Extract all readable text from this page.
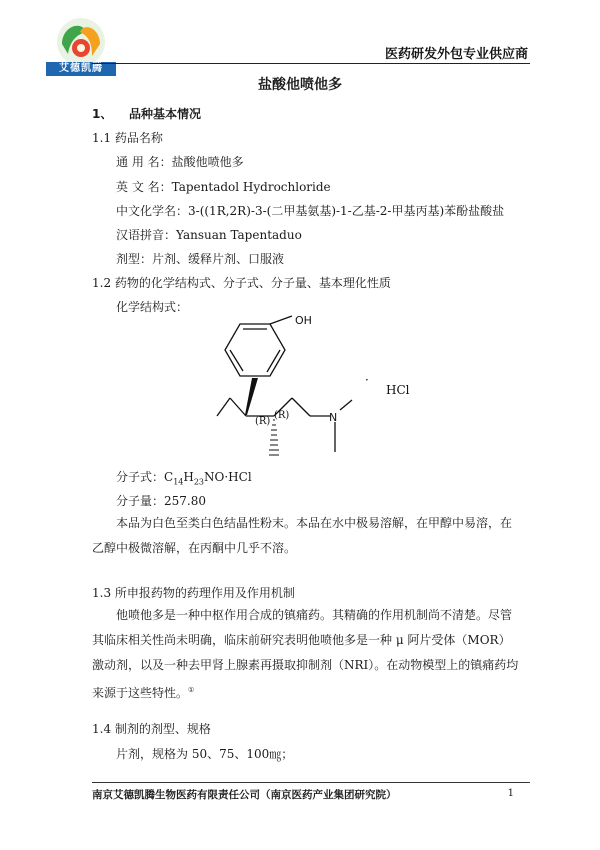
艾德凯腾
医药研发外包专业供应商
盐酸他喷他多
1、 品种基本情况
1.1 药品名称
通 用 名：盐酸他喷他多
英 文 名：Tapentadol Hydrochloride
中文化学名：3-((1R,2R)-3-(二甲基氨基)-1-乙基-2-甲基丙基)苯酚盐酸盐
汉语拼音：Yansuan Tapentaduo
剂型：片剂、缓释片剂、口服液
1.2 药物的化学结构式、分子式、分子量、基本理化性质
化学结构式：
OH
(R)
(R)	N
·
HCl
分子式：$C_{14}H_{23}NO\cdot HCl$
分子量：257.80
本品为白色至类白色结晶性粉末。本品在水中极易溶解，在甲醇中易溶，在乙醇中极微溶解，在丙酮中几乎不溶。
1.3 所申报药物的药理作用及作用机制
他喷他多是一种中枢作用合成的镇痛药。其精确的作用机制尚不清楚。尽管其临床相关性尚未明确，临床前研究表明他喷他多是一种 μ 阿片受体（MOR）激动剂，以及一种去甲肾上腺素再摄取抑制剂（NRI）。在动物模型上的镇痛药均来源于这些特性。①
1.4 制剂的剂型、规格
片剂，规格为 50、75、100㎎；
南京艾德凯腾生物医药有限责任公司（南京医药产业集团研究院）	1
